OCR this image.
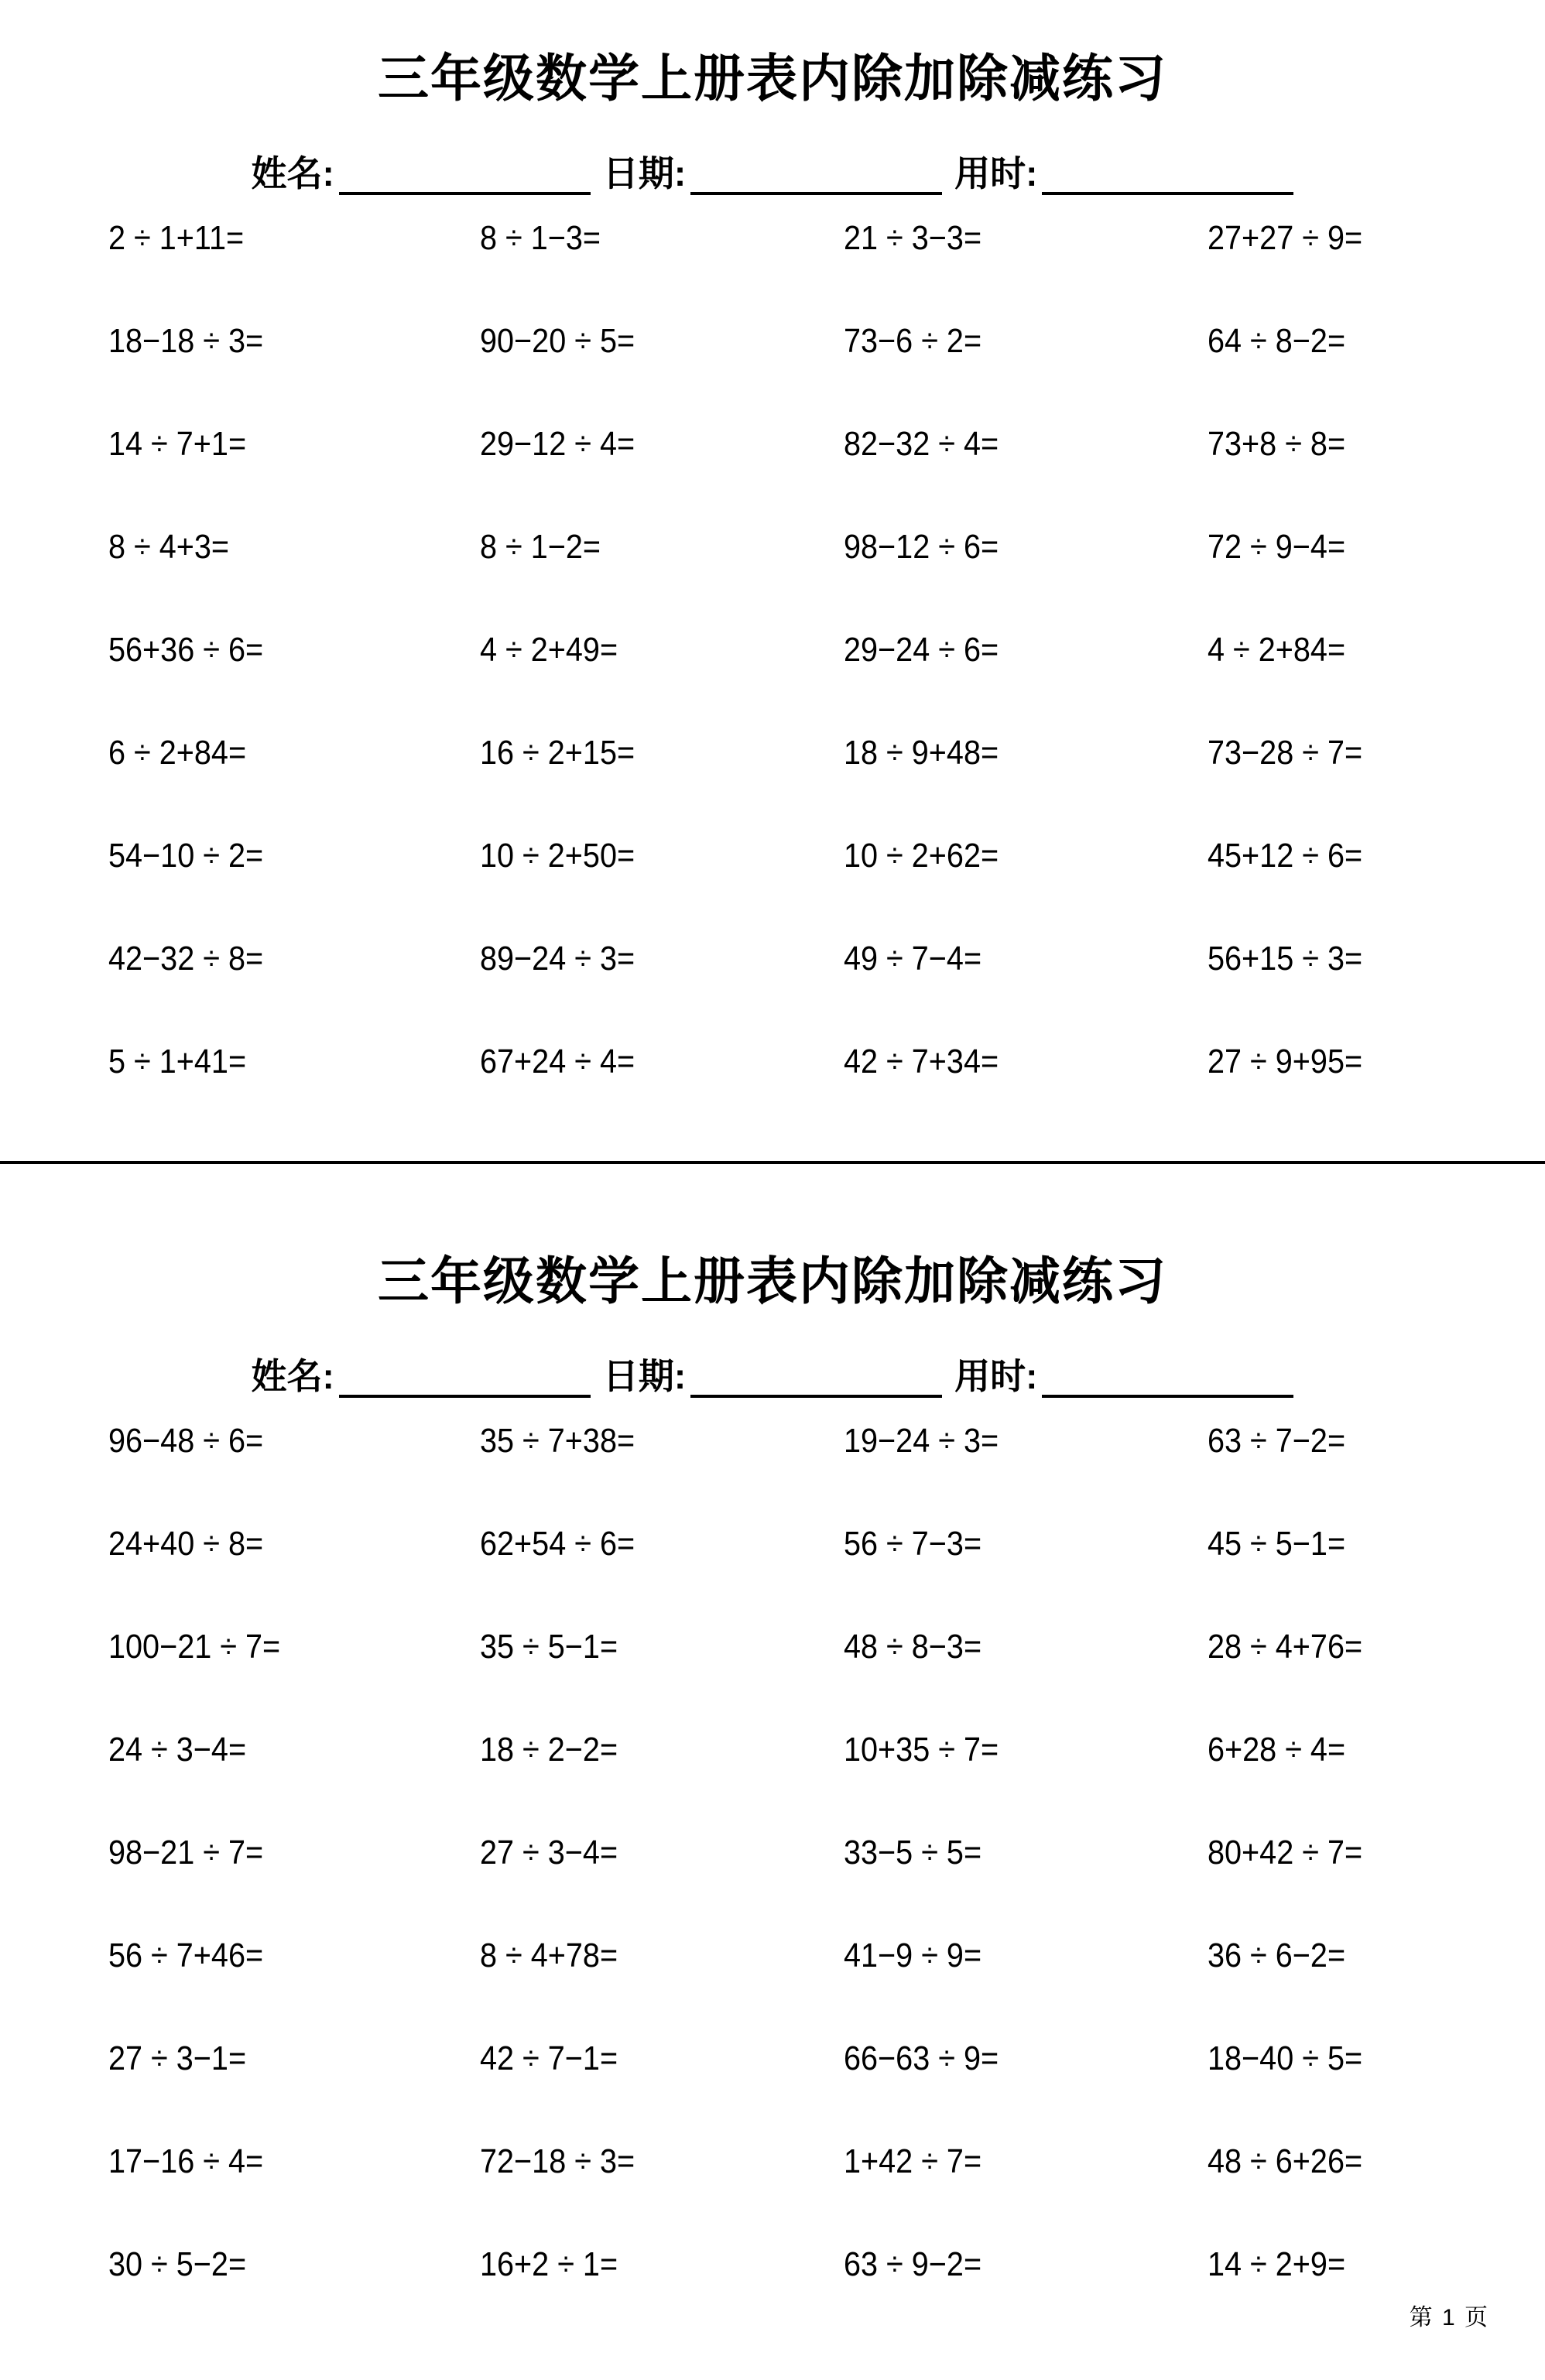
三年级数学上册表内除加除减练习
姓名:	日期:	用时:
2 ÷ 1+11=	8 ÷ 1−3=	21 ÷ 3−3=	27+27 ÷ 9=
18−18 ÷ 3=	90−20 ÷ 5=	73−6 ÷ 2=	64 ÷ 8−2=
14 ÷ 7+1=	29−12 ÷ 4=	82−32 ÷ 4=	73+8 ÷ 8=
8 ÷ 4+3=	8 ÷ 1−2=	98−12 ÷ 6=	72 ÷ 9−4=
56+36 ÷ 6=	4 ÷ 2+49=	29−24 ÷ 6=	4 ÷ 2+84=
6 ÷ 2+84=	16 ÷ 2+15=	18 ÷ 9+48=	73−28 ÷ 7=
54−10 ÷ 2=	10 ÷ 2+50=	10 ÷ 2+62=	45+12 ÷ 6=
42−32 ÷ 8=	89−24 ÷ 3=	49 ÷ 7−4=	56+15 ÷ 3=
5 ÷ 1+41=	67+24 ÷ 4=	42 ÷ 7+34=	27 ÷ 9+95=
三年级数学上册表内除加除减练习
姓名:	日期:	用时:
96−48 ÷ 6=	35 ÷ 7+38=	19−24 ÷ 3=	63 ÷ 7−2=
24+40 ÷ 8=	62+54 ÷ 6=	56 ÷ 7−3=	45 ÷ 5−1=
100−21 ÷ 7=	35 ÷ 5−1=	48 ÷ 8−3=	28 ÷ 4+76=
24 ÷ 3−4=	18 ÷ 2−2=	10+35 ÷ 7=	6+28 ÷ 4=
98−21 ÷ 7=	27 ÷ 3−4=	33−5 ÷ 5=	80+42 ÷ 7=
56 ÷ 7+46=	8 ÷ 4+78=	41−9 ÷ 9=	36 ÷ 6−2=
27 ÷ 3−1=	42 ÷ 7−1=	66−63 ÷ 9=	18−40 ÷ 5=
17−16 ÷ 4=	72−18 ÷ 3=	1+42 ÷ 7=	48 ÷ 6+26=
30 ÷ 5−2=	16+2 ÷ 1=	63 ÷ 9−2=	14 ÷ 2+9=
第 1 页
